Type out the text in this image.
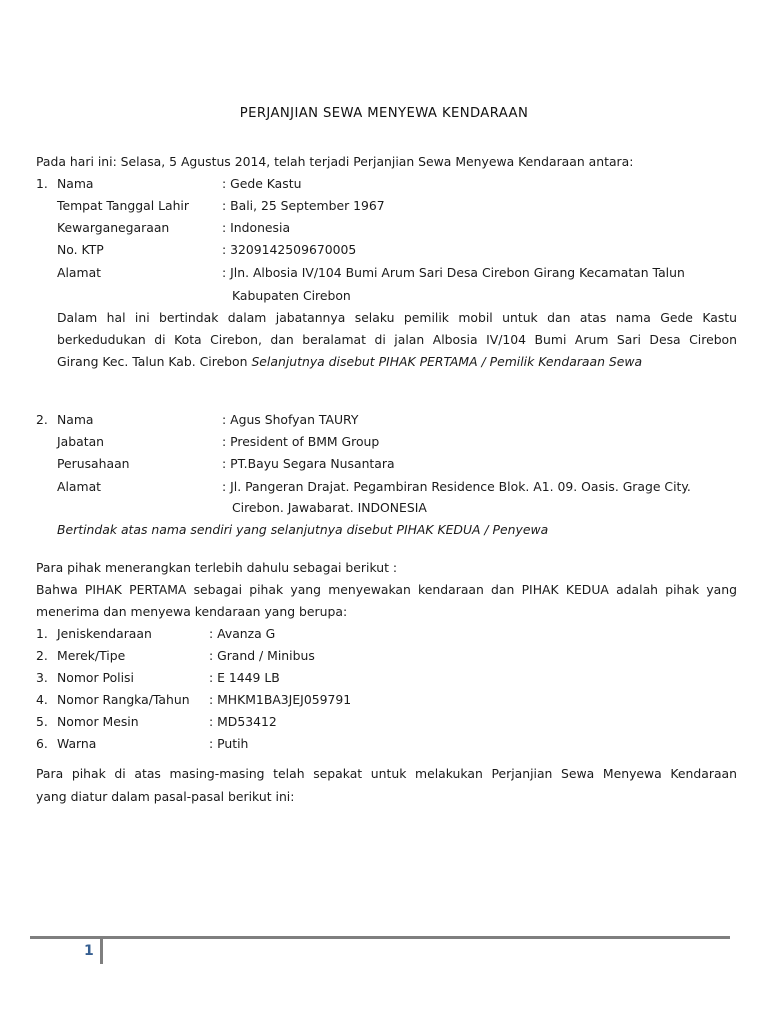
PERJANJIAN SEWA MENYEWA KENDARAAN
Pada hari ini: Selasa, 5 Agustus 2014, telah terjadi Perjanjian Sewa Menyewa Kendaraan antara:
1. Nama	: Gede Kastu
Tempat Tanggal Lahir	: Bali, 25 September 1967
Kewarganegaraan	: Indonesia
No. KTP	: 3209142509670005
Alamat	: Jln. Albosia IV/104 Bumi Arum Sari Desa Cirebon Girang Kecamatan Talun
Kabupaten Cirebon
Dalam hal ini bertindak dalam jabatannya selaku pemilik mobil untuk dan atas nama Gede Kastu
berkedudukan di Kota Cirebon, dan beralamat di jalan Albosia IV/104 Bumi Arum Sari Desa Cirebon
Girang Kec. Talun Kab. Cirebon Selanjutnya disebut PIHAK PERTAMA / Pemilik Kendaraan Sewa
2. Nama	: Agus Shofyan TAURY
Jabatan	: President of BMM Group
Perusahaan	: PT.Bayu Segara Nusantara
Alamat	: Jl. Pangeran Drajat. Pegambiran Residence Blok. A1. 09. Oasis. Grage City.
Cirebon. Jawabarat. INDONESIA
Bertindak atas nama sendiri yang selanjutnya disebut PIHAK KEDUA / Penyewa
Para pihak menerangkan terlebih dahulu sebagai berikut :
Bahwa PIHAK PERTAMA sebagai pihak yang menyewakan kendaraan dan PIHAK KEDUA adalah pihak yang
menerima dan menyewa kendaraan yang berupa:
1. Jeniskendaraan	: Avanza G
2. Merek/Tipe	: Grand / Minibus
3. Nomor Polisi	: E 1449 LB
4. Nomor Rangka/Tahun : MHKM1BA3JEJ059791
5. Nomor Mesin	: MD53412
6. Warna	: Putih
Para pihak di atas masing-masing telah sepakat untuk melakukan Perjanjian Sewa Menyewa Kendaraan
yang diatur dalam pasal-pasal berikut ini:
1
